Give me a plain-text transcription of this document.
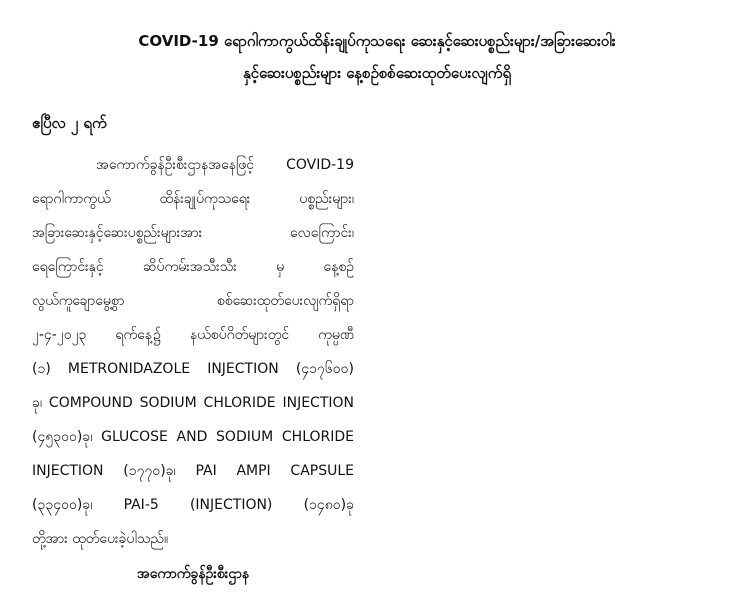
COVID-19 ရောဂါကာကွယ်ထိန်းချုပ်ကုသရေး ဆေးနှင့်ဆေးပစ္စည်းများ/အခြားဆေးဝါး
နှင့်ဆေးပစ္စည်းများ နေ့စဉ်စစ်ဆေးထုတ်ပေးလျက်ရှိ
ဧပြီလ ၂ ရက်
အကောက်ခွန်ဦးစီးဌာနအနေဖြင့် COVID-19
ရောဂါကာကွယ် ထိန်းချုပ်ကုသရေး ပစ္စည်းများ၊
အခြားဆေးနှင့်ဆေးပစ္စည်းများအား လေကြောင်း၊
ရေကြောင်းနှင့် ဆိပ်ကမ်းအသီးသီး မှ နေ့စဉ်
လွယ်ကူချောမွေ့စွာ စစ်ဆေးထုတ်ပေးလျက်ရှိရာ
၂-၄-၂၀၂၃ ရက်နေ့၌ နယ်စပ်ဂိတ်များတွင် ကုမ္ပဏီ
(၁) METRONIDAZOLE INJECTION (၄၁၇၆၀၀)
ခု၊ COMPOUND SODIUM CHLORIDE INJECTION
(၄၅၃၀၀)ခု၊ GLUCOSE AND SODIUM CHLORIDE
INJECTION (၁၇၇၀)ခု၊ PAI AMPI CAPSULE
(၃၃၄၀၀)ခု၊ PAI-5 (INJECTION) (၁၄၈၀)ခု
တို့အား ထုတ်ပေးခဲ့ပါသည်။
အကောက်ခွန်ဦးစီးဌာန
